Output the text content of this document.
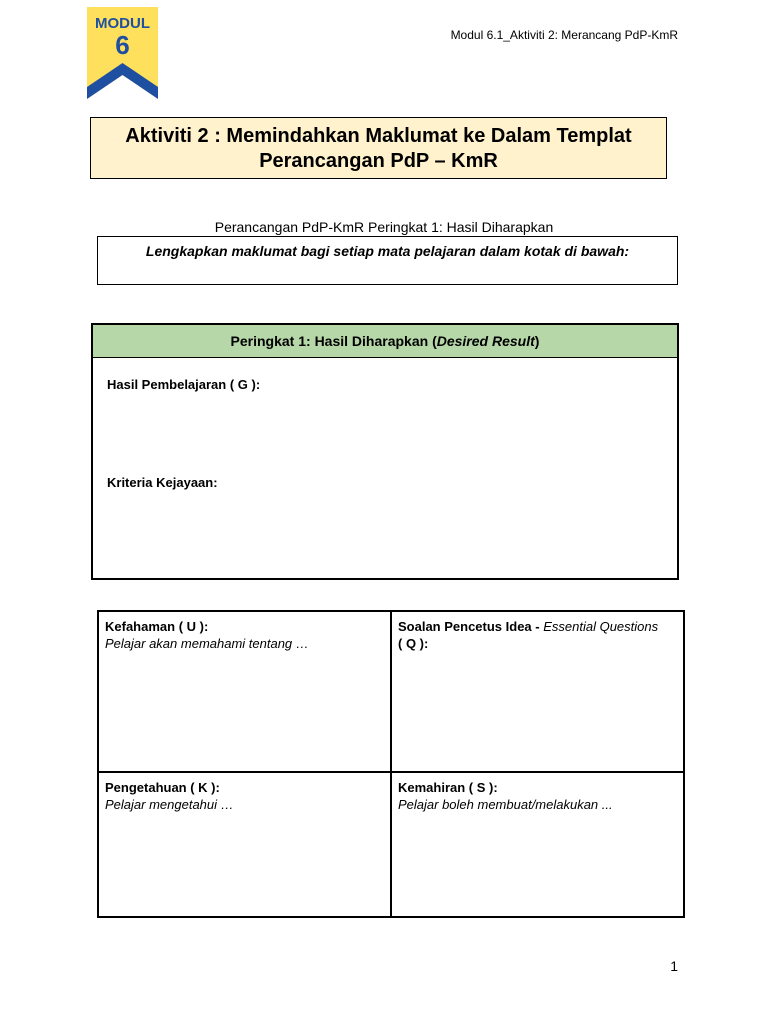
MODUL
6	Modul 6.1_Aktiviti 2: Merancang PdP-KmR
Aktiviti 2 : Memindahkan Maklumat ke Dalam Templat
Perancangan PdP – KmR
Perancangan PdP-KmR Peringkat 1: Hasil Diharapkan
Lengkapkan maklumat bagi setiap mata pelajaran dalam kotak di bawah:
Peringkat 1: Hasil Diharapkan (Desired Result)
Hasil Pembelajaran ( G ):
Kriteria Kejayaan:
Kefahaman ( U ):
Pelajar akan memahami tentang …
Soalan Pencetus Idea - Essential Questions
( Q ):
Pengetahuan ( K ):
Pelajar mengetahui …
Kemahiran ( S ):
Pelajar boleh membuat/melakukan ...
1
